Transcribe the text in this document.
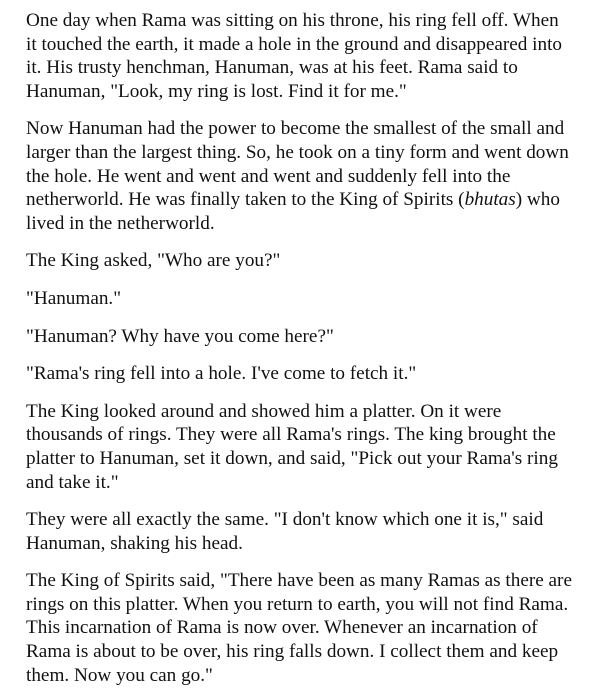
One day when Rama was sitting on his throne, his ring fell off. When it touched the earth, it made a hole in the ground and disappeared into it. His trusty henchman, Hanuman, was at his feet. Rama said to Hanuman, "Look, my ring is lost. Find it for me."

Now Hanuman had the power to become the smallest of the small and larger than the largest thing. So, he took on a tiny form and went down the hole. He went and went and went and suddenly fell into the netherworld. He was finally taken to the King of Spirits (bhutas) who lived in the netherworld.

The King asked, "Who are you?"

"Hanuman."

"Hanuman? Why have you come here?"

"Rama's ring fell into a hole. I've come to fetch it."

The King looked around and showed him a platter. On it were thousands of rings. They were all Rama's rings. The king brought the platter to Hanuman, set it down, and said, "Pick out your Rama's ring and take it."

They were all exactly the same. "I don't know which one it is," said Hanuman, shaking his head.

The King of Spirits said, "There have been as many Ramas as there are rings on this platter. When you return to earth, you will not find Rama. This incarnation of Rama is now over. Whenever an incarnation of Rama is about to be over, his ring falls down. I collect them and keep them. Now you can go."
